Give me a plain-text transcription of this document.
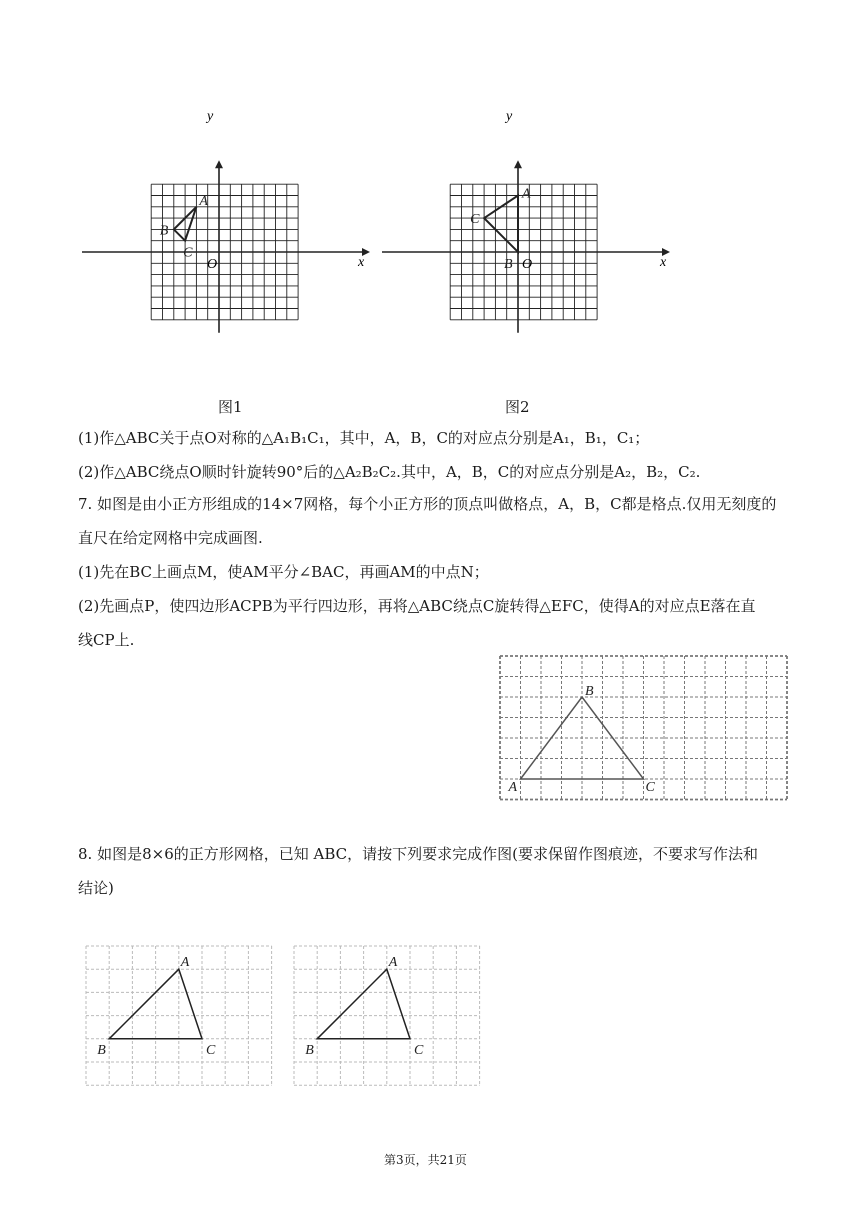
A
B
C
x
y
O
图1
A
B
C
x
y
O
图2
(1)作△ABC关于点O对称的△A₁B₁C₁，其中，A，B，C的对应点分别是A₁，B₁，C₁；
(2)作△ABC绕点O顺时针旋转90°后的△A₂B₂C₂.其中，A，B，C的对应点分别是A₂，B₂，C₂.
7. 如图是由小正方形组成的14×7网格，每个小正方形的顶点叫做格点，A，B，C都是格点.仅用无刻度的
直尺在给定网格中完成画图.
(1)先在BC上画点M，使AM平分∠BAC，再画AM的中点N；
(2)先画点P，使四边形ACPB为平行四边形，再将△ABC绕点C旋转得△EFC，使得A的对应点E落在直
线CP上.
A
B
C
8. 如图是8×6的正方形网格，已知 ABC，请按下列要求完成作图(要求保留作图痕迹，不要求写作法和
结论)
A
B	C
A
B	C
第3页，共21页
